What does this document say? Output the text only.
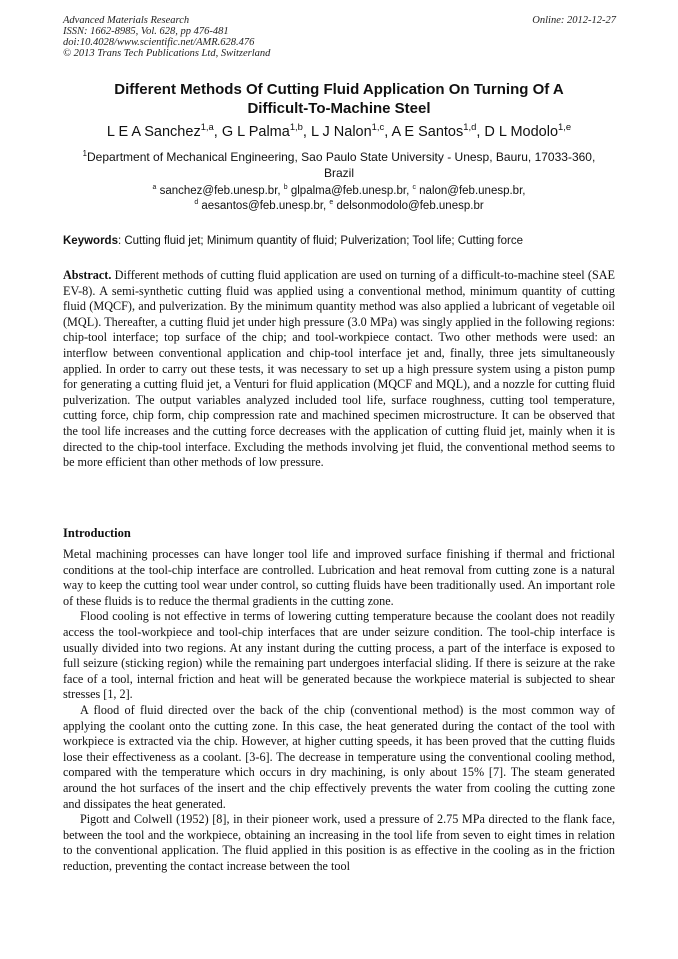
Advanced Materials Research
ISSN: 1662-8985, Vol. 628, pp 476-481
doi:10.4028/www.scientific.net/AMR.628.476
© 2013 Trans Tech Publications Ltd, Switzerland
Online: 2012-12-27
Different Methods Of Cutting Fluid Application On Turning Of A
Difficult-To-Machine Steel
L E A Sanchez$^{1,a}$, G L Palma$^{1,b}$, L J Nalon$^{1,c}$, A E Santos$^{1,d}$, D L Modolo$^{1,e}$
$^1$Department of Mechanical Engineering, Sao Paulo State University - Unesp, Bauru, 17033-360,
Brazil
$^a$ sanchez@feb.unesp.br, $^b$ glpalma@feb.unesp.br, $^c$ nalon@feb.unesp.br,
$^d$ aesantos@feb.unesp.br, $^e$ delsonmodolo@feb.unesp.br
Keywords: Cutting fluid jet; Minimum quantity of fluid; Pulverization; Tool life; Cutting force
Abstract. Different methods of cutting fluid application are used on turning of a difficult-to-machine steel (SAE EV-8). A semi-synthetic cutting fluid was applied using a conventional method, minimum quantity of cutting fluid (MQCF), and pulverization. By the minimum quantity method was also applied a lubricant of vegetable oil (MQL). Thereafter, a cutting fluid jet under high pressure (3.0 MPa) was singly applied in the following regions: chip-tool interface; top surface of the chip; and tool-workpiece contact. Two other methods were used: an interflow between conventional application and chip-tool interface jet and, finally, three jets simultaneously applied. In order to carry out these tests, it was necessary to set up a high pressure system using a piston pump for generating a cutting fluid jet, a Venturi for fluid application (MQCF and MQL), and a nozzle for cutting fluid pulverization. The output variables analyzed included tool life, surface roughness, cutting tool temperature, cutting force, chip form, chip compression rate and machined specimen microstructure. It can be observed that the tool life increases and the cutting force decreases with the application of cutting fluid jet, mainly when it is directed to the chip-tool interface. Excluding the methods involving jet fluid, the conventional method seems to be more efficient than other methods of low pressure.
Introduction

Metal machining processes can have longer tool life and improved surface finishing if thermal and frictional conditions at the tool-chip interface are controlled. Lubrication and heat removal from cutting zone is a natural way to keep the cutting tool wear under control, so cutting fluids have been traditionally used. An important role of these fluids is to reduce the thermal gradients in the cutting zone.

Flood cooling is not effective in terms of lowering cutting temperature because the coolant does not readily access the tool-workpiece and tool-chip interfaces that are under seizure condition. The tool-chip interface is usually divided into two regions. At any instant during the cutting process, a part of the interface is exposed to full seizure (sticking region) while the remaining part undergoes interfacial sliding. If there is seizure at the rake face of a tool, internal friction and heat will be generated because the workpiece material is subjected to shear stresses [1, 2].

A flood of fluid directed over the back of the chip (conventional method) is the most common way of applying the coolant onto the cutting zone. In this case, the heat generated during the contact of the tool with workpiece is extracted via the chip. However, at higher cutting speeds, it has been proved that the cutting fluids lose their effectiveness as a coolant. [3-6]. The decrease in temperature using the conventional cooling method, compared with the temperature which occurs in dry machining, is only about 15% [7]. The steam generated around the hot surfaces of the insert and the chip effectively prevents the water from cooling the cutting zone and dissipates the heat generated.

Pigott and Colwell (1952) [8], in their pioneer work, used a pressure of 2.75 MPa directed to the flank face, between the tool and the workpiece, obtaining an increasing in the tool life from seven to eight times in relation to the conventional application. The fluid applied in this position is as effective in the cooling as in the friction reduction, preventing the contact increase between the tool
